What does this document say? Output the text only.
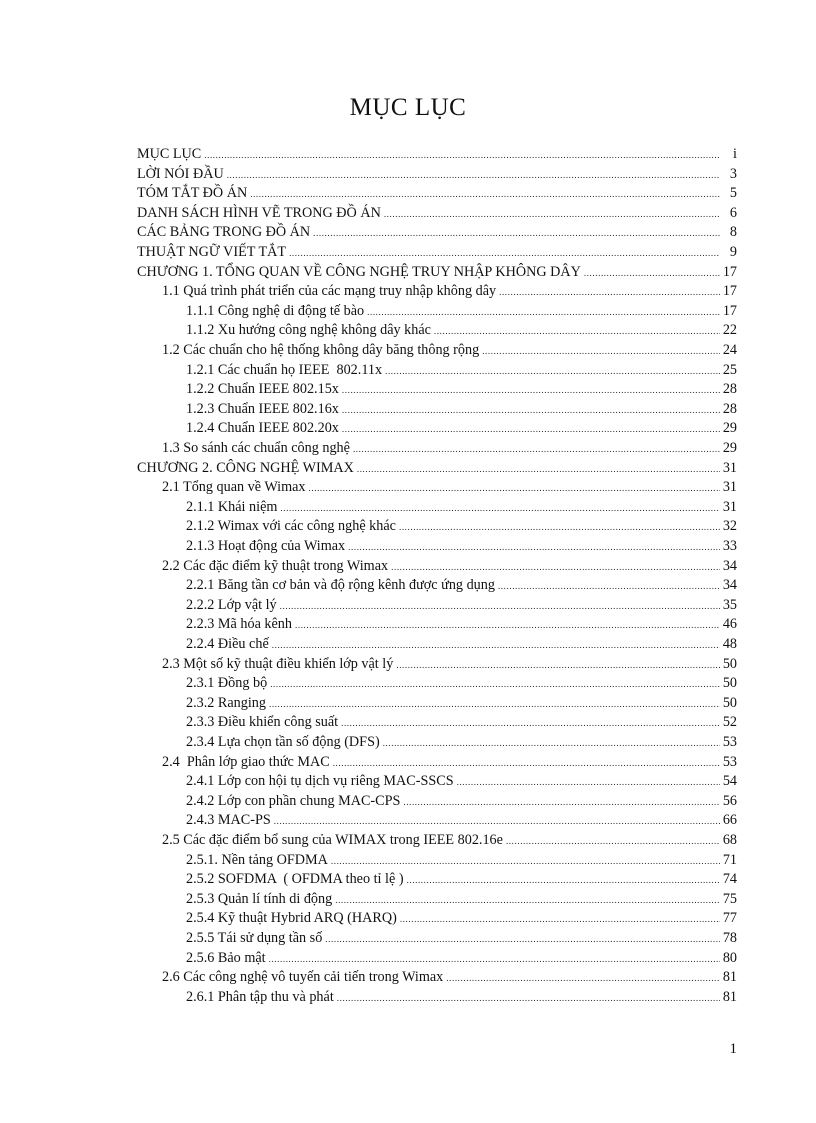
MỤC LỤC
MỤC LỤC .....	i
LỜI NÓI ĐẦU .....	3
TÓM TẮT ĐỒ ÁN .....	5
DANH SÁCH HÌNH VẼ TRONG ĐỒ ÁN .....	6
CÁC BẢNG TRONG ĐỒ ÁN .....	8
THUẬT NGỮ VIẾT TẮT .....	9
CHƯƠNG 1. TỔNG QUAN VỀ CÔNG NGHỆ TRUY NHẬP KHÔNG DÂY .....	17
1.1 Quá trình phát triển của các mạng truy nhập không dây .....	17
1.1.1 Công nghệ di động tế bào .....	17
1.1.2 Xu hướng công nghệ không dây khác .....	22
1.2 Các chuẩn cho hệ thống không dây băng thông rộng .....	24
1.2.1 Các chuẩn họ IEEE  802.11x .....	25
1.2.2 Chuẩn IEEE 802.15x .....	28
1.2.3 Chuẩn IEEE 802.16x .....	28
1.2.4 Chuẩn IEEE 802.20x .....	29
1.3 So sánh các chuẩn công nghệ .....	29
CHƯƠNG 2. CÔNG NGHỆ WIMAX .....	31
2.1 Tổng quan về Wimax .....	31
2.1.1 Khái niệm .....	31
2.1.2 Wimax với các công nghệ khác .....	32
2.1.3 Hoạt động của Wimax .....	33
2.2 Các đặc điểm kỹ thuật trong Wimax .....	34
2.2.1 Băng tần cơ bản và độ rộng kênh được ứng dụng .....	34
2.2.2 Lớp vật lý .....	35
2.2.3 Mã hóa kênh .....	46
2.2.4 Điều chế .....	48
2.3 Một số kỹ thuật điều khiển lớp vật lý .....	50
2.3.1 Đồng bộ .....	50
2.3.2 Ranging .....	50
2.3.3 Điều khiển công suất .....	52
2.3.4 Lựa chọn tần số động (DFS) .....	53
2.4  Phân lớp giao thức MAC .....	53
2.4.1 Lớp con hội tụ dịch vụ riêng MAC-SSCS .....	54
2.4.2 Lớp con phần chung MAC-CPS .....	56
2.4.3 MAC-PS .....	66
2.5 Các đặc điểm bổ sung của WIMAX trong IEEE 802.16e .....	68
2.5.1. Nền tảng OFDMA .....	71
2.5.2 SOFDMA  ( OFDMA theo tỉ lệ ) .....	74
2.5.3 Quản lí tính di động .....	75
2.5.4 Kỹ thuật Hybrid ARQ (HARQ) .....	77
2.5.5 Tái sử dụng tần số .....	78
2.5.6 Bảo mật .....	80
2.6 Các công nghệ vô tuyến cải tiến trong Wimax .....	81
2.6.1 Phân tập thu và phát .....	81
1
